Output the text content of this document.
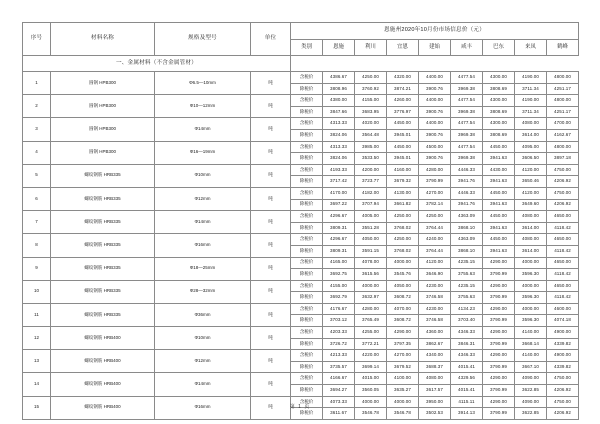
序号	材料名称	规格及型号	单位	恩施州2020年10月份市场信息价（元）								
				类别	恩施	利川	宜恩	建始	咸丰	巴东	来凤	鹤峰
一、金属材料（不含金属管材）												
1	圆钢 HPB300	Φ6.5—10mm	吨	含税价	4386.67	4250.00	4320.00	4400.00	4477.54	4300.00	4190.00	4800.00
				除税价	3808.96	3760.92	3874.21	3900.76	3969.38	3808.69	3711.34	4251.17
2	圆钢 HPB300	Φ10—12mm	吨	含税价	4380.00	4155.00	4260.00	4400.00	4477.54	4300.00	4190.00	4800.00
				除税价	3847.66	3683.95	3776.97	3900.76	3969.38	3808.69	3711.34	4251.17
3	圆钢 HPB300	Φ14mm	吨	含税价	4313.33	4020.00	4450.00	4400.00	4477.54	4300.00	4080.00	4700.00
				除税价	3824.06	3564.48	3945.01	3900.76	3969.38	3808.69	3614.00	4162.67
4	圆钢 HPB300	Φ16—19mm	吨	含税价	4313.33	3985.00	4450.00	4500.00	4477.54	4450.00	4095.00	4800.00
				除税价	3824.06	3533.50	3945.01	3900.76	3969.38	3941.63	3606.50	3897.18
5	螺纹钢筋 HRB335	Φ10mm	吨	含税价	4193.33	4200.00	4160.00	4280.00	4446.33	4430.00	4120.00	4750.00
				除税价	3717.42	3723.77	3679.32	3790.99	3941.76	3941.63	3650.46	4206.92
6	螺纹钢筋 HRB335	Φ12mm	吨	含税价	4170.00	4182.00	4130.00	4270.00	4446.33	4450.00	4120.00	4750.00
				除税价	3697.22	3707.94	3661.82	3782.14	3941.76	3941.63	3649.60	4206.92
7	螺纹钢筋 HRB335	Φ14mm	吨	含税价	4296.67	4005.00	4250.00	4250.00	4363.09	4450.00	4080.00	4650.00
				除税价	3809.31	3551.28	3768.02	3764.44	3868.10	3941.63	3614.00	4118.42
8	螺纹钢筋 HRB335	Φ16mm	吨	含税价	4296.67	4050.00	4250.00	4240.00	4363.09	4450.00	4080.00	4650.00
				除税价	3809.31	3591.15	3768.02	3764.44	3868.10	3941.63	3614.00	4118.42
9	螺纹钢筋 HRB335	Φ18—25mm	吨	含税价	4165.00	4078.00	4000.00	4120.00	4235.15	4290.00	4000.00	4650.00
				除税价	3692.75	3615.56	3545.76	3646.90	3755.63	3790.99	3596.30	4118.42
10	螺纹钢筋 HRB335	Φ28—32mm	吨	含税价	4155.00	4000.00	4050.00	4230.00	4235.15	4290.00	4000.00	4650.00
				除税价	3692.79	3632.97	3608.72	3746.58	3755.63	3790.99	3596.30	4118.42
11	螺纹钢筋 HRB335	Φ36mm	吨	含税价	4176.67	4280.00	4070.00	4230.00	4134.23	4290.00	4000.00	4600.00
				除税价	3703.12	3765.49	3608.72	3746.58	3703.40	3790.99	3596.30	4074.18
12	螺纹钢筋 HRB400	Φ10mm	吨	含税价	4203.33	4255.00	4290.00	4360.00	4346.33	4290.00	4140.00	4900.00
				除税价	3726.72	3772.21	3797.35	3862.67	3846.31	3790.99	3668.14	4339.82
13	螺纹钢筋 HRB400	Φ12mm	吨	含税价	4213.33	4220.00	4270.00	4340.00	4346.33	4290.00	4140.00	4900.00
				除税价	3735.57	3699.14	3679.52	3688.37	4015.41	3790.99	3667.10	4339.82
14	螺纹钢筋 HRB400	Φ14mm	吨	含税价	4166.67	4015.00	4100.00	4080.00	4329.56	4290.00	4090.00	4750.00
				除税价	3694.27	3560.05	3635.27	3617.57	4015.41	3790.99	3622.85	4206.92
15	螺纹钢筋 HRB400	Φ16mm	吨	含税价	4073.33	4000.00	4000.00	3950.00	4115.11	4290.00	4090.00	4750.00
				除税价	3611.67	3546.78	3546.78	3502.53	3914.13	3790.99	3622.85	4206.92
第 1 页
